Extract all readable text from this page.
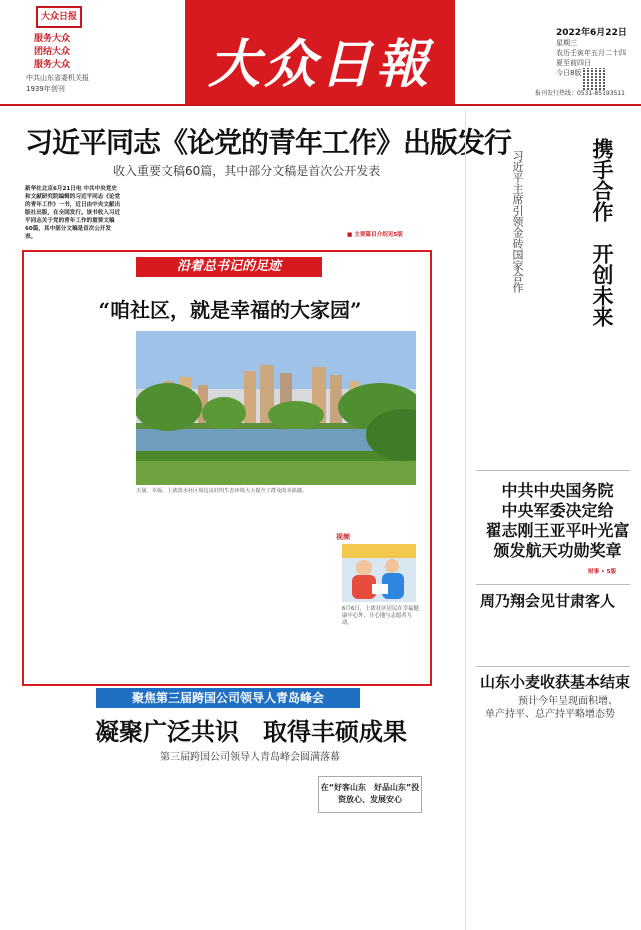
大众日报
服务大众
团结大众
服务大众
中共山东省委机关报
1939年创刊	大众日報
2022年6月22日
星期三
农历壬寅年五月二十四
夏至前四日
今日8版
报刊发行热线：0531-85193511
习近平同志《论党的青年工作》出版发行
收入重要文稿60篇，其中部分文稿是首次公开发表
新华社北京6月21日电 中共中央党史和文献研究院编辑的习近平同志《论党的青年工作》一书，近日由中央文献出版社出版，在全国发行。该书收入习近平同志关于党的青年工作的重要文稿60篇，其中部分文稿是首次公开发表。	■ 主要篇目介绍见5版
沿着总书记的足迹
“咱社区，就是幸福的大家园”
天晟、幸福、上浓淡水社区周边良好的生态环境大大提升了群众的幸福感。
视频
6月6日，上浓社区居民在幸福健康中心外，开心地与志愿者互动。
聚焦第三届跨国公司领导人青岛峰会
凝聚广泛共识　取得丰硕成果
第三届跨国公司领导人青岛峰会圆满落幕
在“好客山东　好品山东”投资放心、发展安心
携手合作　开创未来
习近平主席引领金砖国家合作
中共中央国务院
中央军委决定给
翟志刚王亚平叶光富
颁发航天功勋奖章
财事 • 5版
周乃翔会见甘肃客人
山东小麦收获基本结束
预计今年呈现面积增、
单产持平、总产持平略增态势
